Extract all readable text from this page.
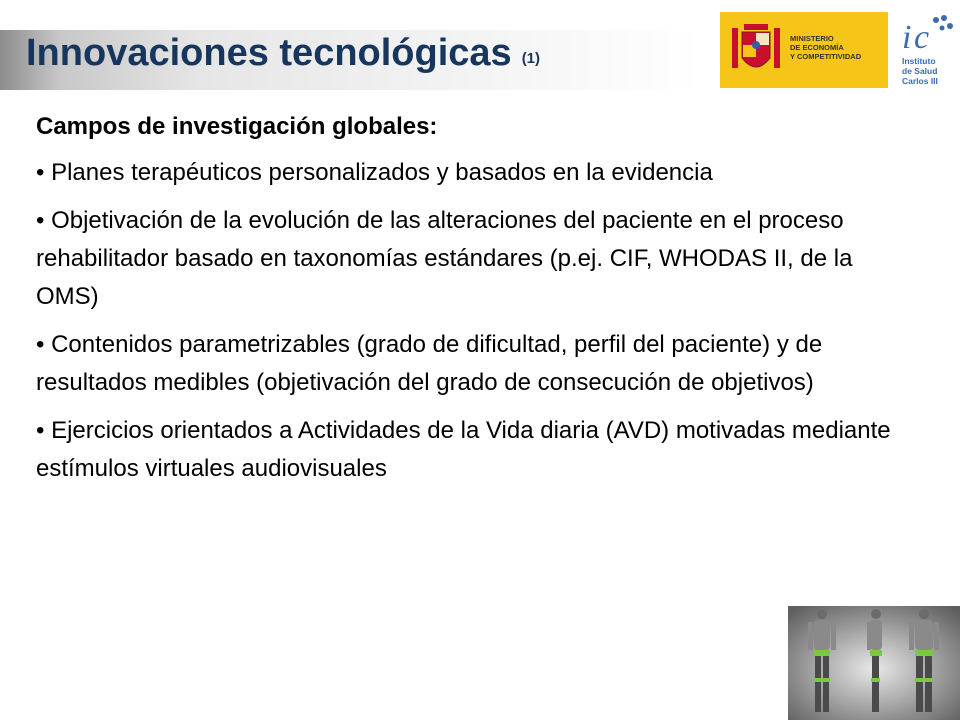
Innovaciones tecnológicas (1)
MINISTERIO
DE ECONOMÍA
Y COMPETITIVIDAD
i c
Instituto
de Salud
Carlos III
Campos de investigación globales:
• Planes terapéuticos personalizados y basados en la evidencia
• Objetivación de la evolución de las alteraciones del paciente en el proceso rehabilitador basado en taxonomías estándares (p.ej. CIF, WHODAS II, de la OMS)
• Contenidos parametrizables (grado de dificultad, perfil del paciente) y de resultados medibles (objetivación del grado de consecución de objetivos)
• Ejercicios orientados a Actividades de la Vida diaria (AVD) motivadas mediante estímulos virtuales audiovisuales
